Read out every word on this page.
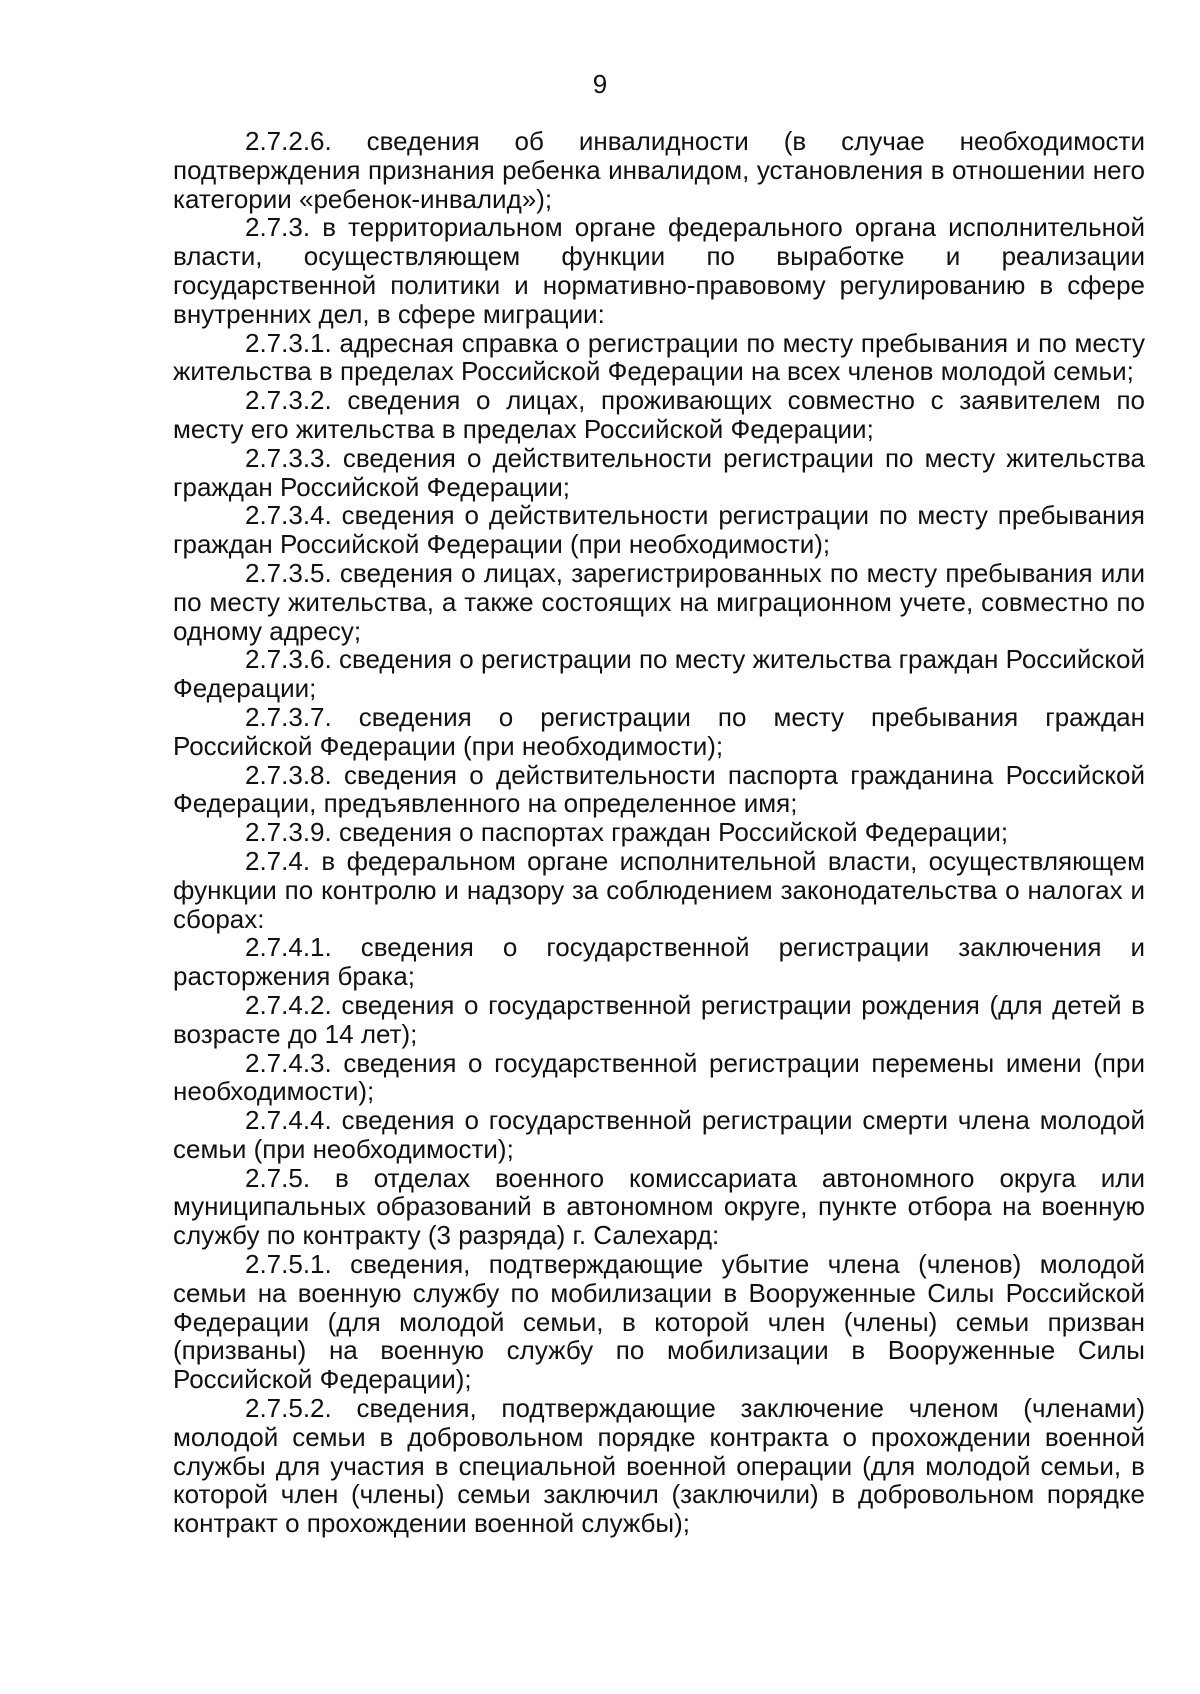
9

2.7.2.6. сведения об инвалидности (в случае необходимости подтверждения признания ребенка инвалидом, установления в отношении него категории «ребенок-инвалид»);

2.7.3. в территориальном органе федерального органа исполнительной власти, осуществляющем функции по выработке и реализации государственной политики и нормативно-правовому регулированию в сфере внутренних дел, в сфере миграции:

2.7.3.1. адресная справка о регистрации по месту пребывания и по месту жительства в пределах Российской Федерации на всех членов молодой семьи;

2.7.3.2. сведения о лицах, проживающих совместно с заявителем по месту его жительства в пределах Российской Федерации;

2.7.3.3. сведения о действительности регистрации по месту жительства граждан Российской Федерации;

2.7.3.4. сведения о действительности регистрации по месту пребывания граждан Российской Федерации (при необходимости);

2.7.3.5. сведения о лицах, зарегистрированных по месту пребывания или по месту жительства, а также состоящих на миграционном учете, совместно по одному адресу;

2.7.3.6. сведения о регистрации по месту жительства граждан Российской Федерации;

2.7.3.7. сведения о регистрации по месту пребывания граждан Российской Федерации (при необходимости);

2.7.3.8. сведения о действительности паспорта гражданина Российской Федерации, предъявленного на определенное имя;

2.7.3.9. сведения о паспортах граждан Российской Федерации;

2.7.4. в федеральном органе исполнительной власти, осуществляющем функции по контролю и надзору за соблюдением законодательства о налогах и сборах:

2.7.4.1. сведения о государственной регистрации заключения и расторжения брака;

2.7.4.2. сведения о государственной регистрации рождения (для детей в возрасте до 14 лет);

2.7.4.3. сведения о государственной регистрации перемены имени (при необходимости);

2.7.4.4. сведения о государственной регистрации смерти члена молодой семьи (при необходимости);

2.7.5. в отделах военного комиссариата автономного округа или муниципальных образований в автономном округе, пункте отбора на военную службу по контракту (3 разряда) г. Салехард:

2.7.5.1. сведения, подтверждающие убытие члена (членов) молодой семьи на военную службу по мобилизации в Вооруженные Силы Российской Федерации (для молодой семьи, в которой член (члены) семьи призван (призваны) на военную службу по мобилизации в Вооруженные Силы Российской Федерации);

2.7.5.2. сведения, подтверждающие заключение членом (членами) молодой семьи в добровольном порядке контракта о прохождении военной службы для участия в специальной военной операции (для молодой семьи, в которой член (члены) семьи заключил (заключили) в добровольном порядке контракт о прохождении военной службы);
